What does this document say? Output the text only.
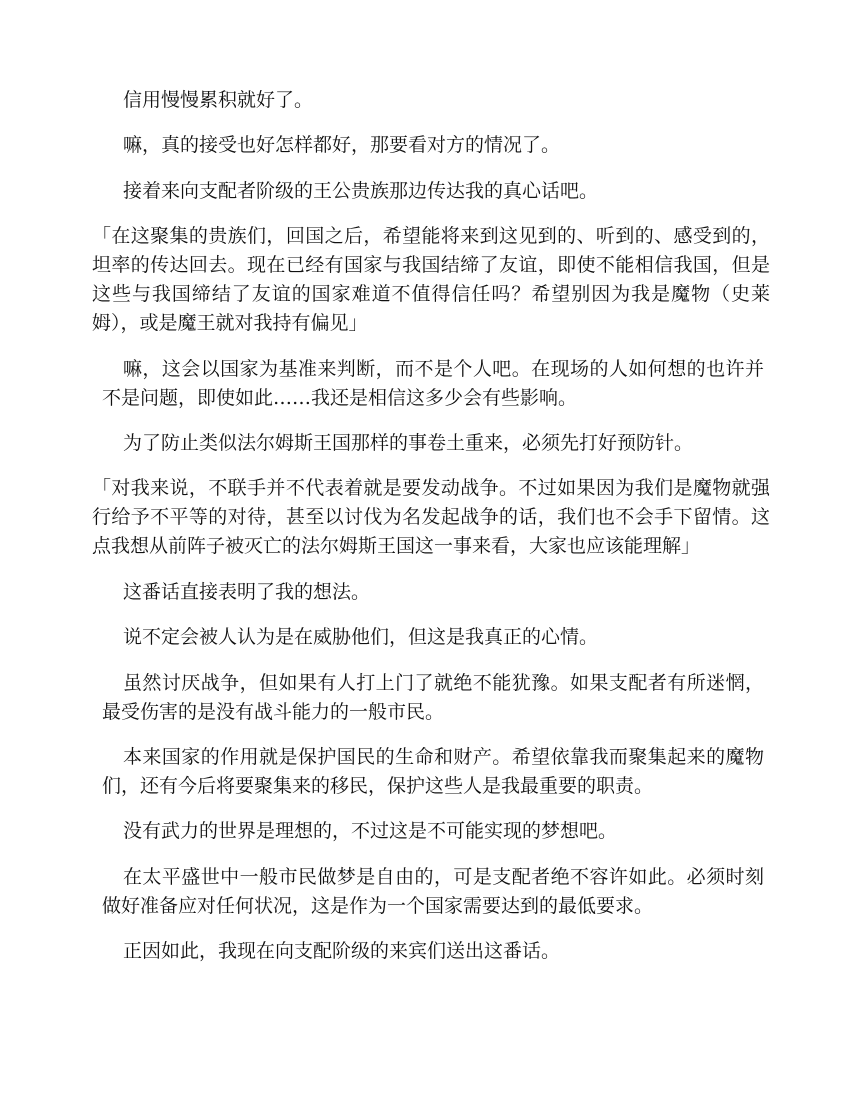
信用慢慢累积就好了。

嘛，真的接受也好怎样都好，那要看对方的情况了。

接着来向支配者阶级的王公贵族那边传达我的真心话吧。

「在这聚集的贵族们，回国之后，希望能将来到这见到的、听到的、感受到的，坦率的传达回去。现在已经有国家与我国结缔了友谊，即使不能相信我国，但是这些与我国缔结了友谊的国家难道不值得信任吗？希望别因为我是魔物（史莱姆），或是魔王就对我持有偏见」

嘛，这会以国家为基准来判断，而不是个人吧。在现场的人如何想的也许并不是问题，即使如此……我还是相信这多少会有些影响。

为了防止类似法尔姆斯王国那样的事卷土重来，必须先打好预防针。

「对我来说，不联手并不代表着就是要发动战争。不过如果因为我们是魔物就强行给予不平等的对待，甚至以讨伐为名发起战争的话，我们也不会手下留情。这点我想从前阵子被灭亡的法尔姆斯王国这一事来看，大家也应该能理解」

这番话直接表明了我的想法。

说不定会被人认为是在威胁他们，但这是我真正的心情。

虽然讨厌战争，但如果有人打上门了就绝不能犹豫。如果支配者有所迷惘，最受伤害的是没有战斗能力的一般市民。

本来国家的作用就是保护国民的生命和财产。希望依靠我而聚集起来的魔物们，还有今后将要聚集来的移民，保护这些人是我最重要的职责。

没有武力的世界是理想的，不过这是不可能实现的梦想吧。

在太平盛世中一般市民做梦是自由的，可是支配者绝不容许如此。必须时刻做好准备应对任何状况，这是作为一个国家需要达到的最低要求。

正因如此，我现在向支配阶级的来宾们送出这番话。
